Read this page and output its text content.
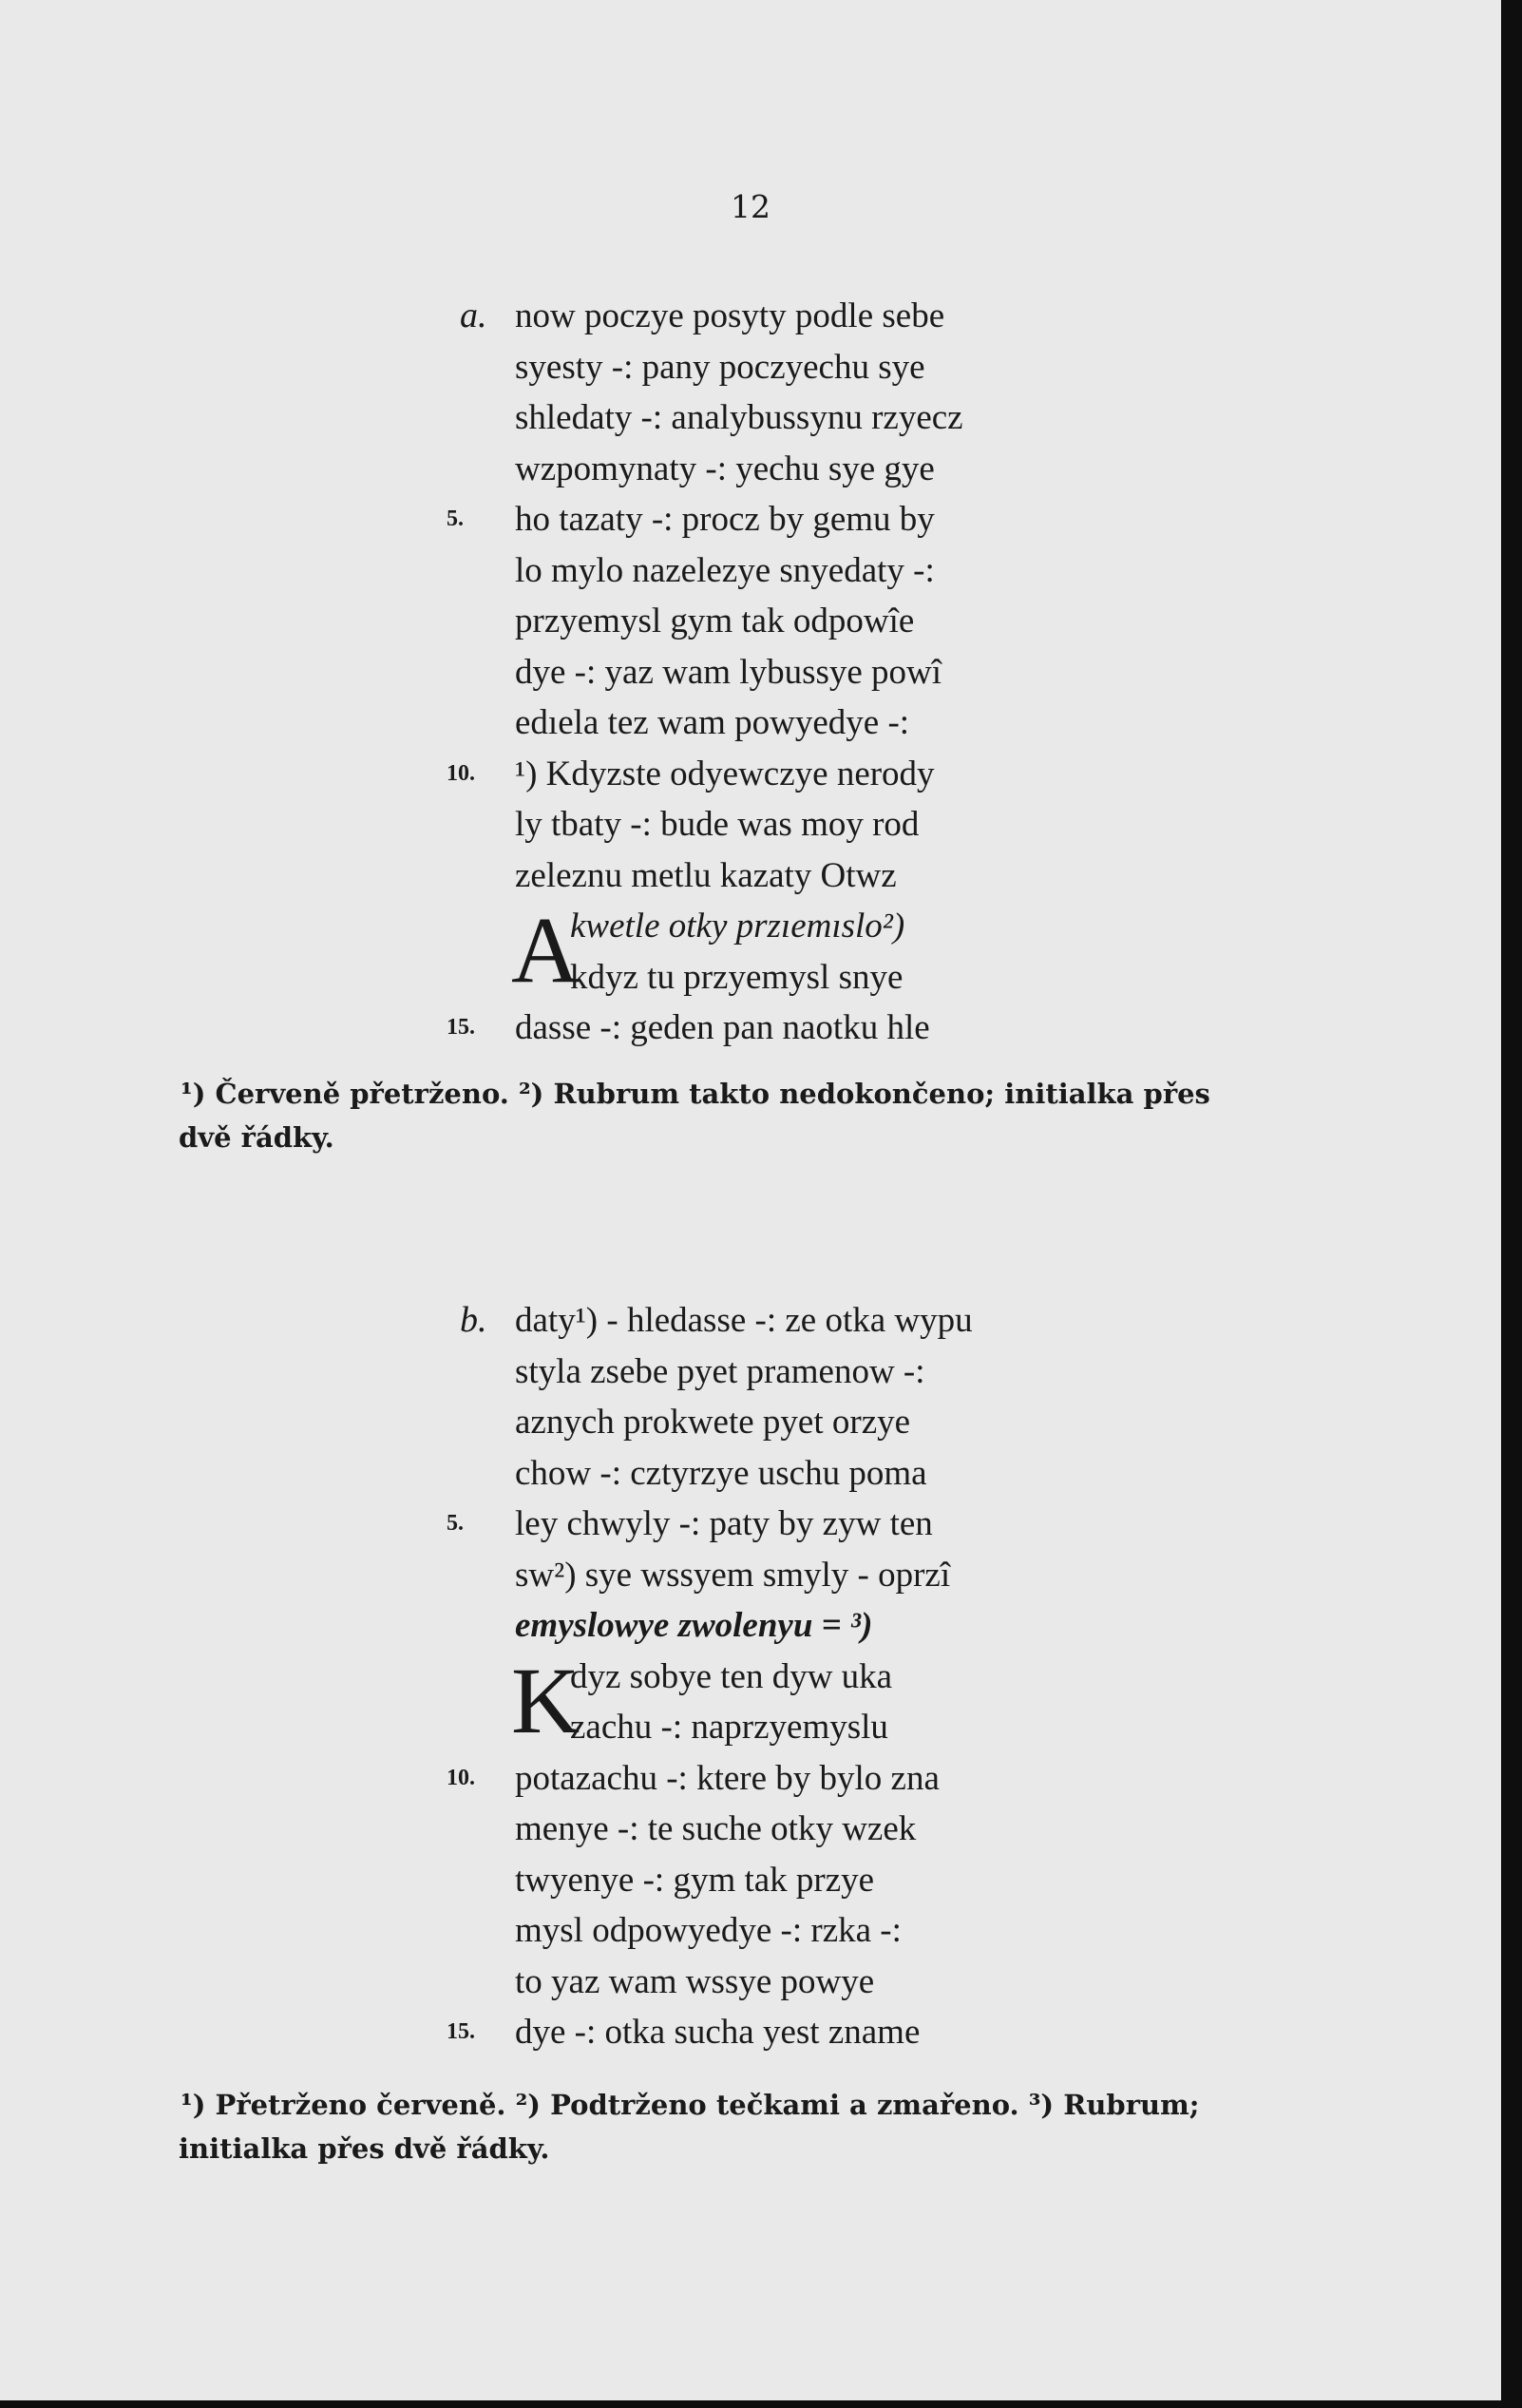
12
a. now poczye posyty podle sebe
syesty -: pany poczyechu sye
shledaty -: analybussynu rzyecz
wzpomynaty -: yechu sye gye
5.	ho tazaty -: procz by gemu by
lo mylo nazelezye snyedaty -:
przyemysl gym tak odpowîe
dye -: yaz wam lybussye powî
edıela tez wam powyedye -:
10.	¹) Kdyzste odyewczye nerody
ly tbaty -: bude was moy rod
zeleznu metlu kazaty Otwz
A
kwetle otky przıemıslo²)
kdyz tu przyemysl snye
15.	dasse -: geden pan naotku hle
¹) Červeně přetrženo. ²) Rubrum takto nedokončeno; initialka přes
dvě řádky.
b. daty¹) - hledasse -: ze otka wypu
styla zsebe pyet pramenow -:
aznych prokwete pyet orzye
chow -: cztyrzye uschu poma
5.	ley chwyly -: paty by zyw ten
sw²) sye wssyem smyly - oprzî
emyslowye zwolenyu = ³)
K
dyz sobye ten dyw uka
zachu -: naprzyemyslu
10.	potazachu -: ktere by bylo zna
menye -: te suche otky wzek
twyenye -: gym tak przye
mysl odpowyedye -: rzka -:
to yaz wam wssye powye
15.	dye -: otka sucha yest zname
¹) Přetrženo červeně. ²) Podtrženo tečkami a zmařeno. ³) Rubrum;
initialka přes dvě řádky.
